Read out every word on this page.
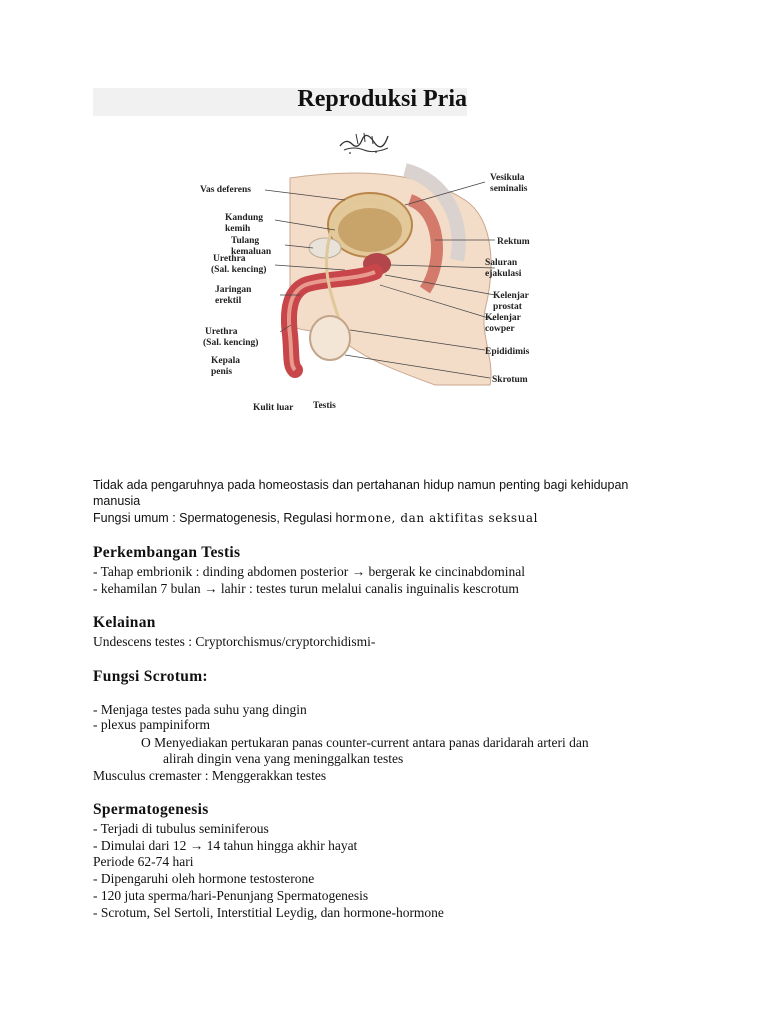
Reproduksi Pria
Vas deferens
Kandung
kemih
Tulang
kemaluan
Urethra
(Sal. kencing)
Jaringan
erektil
Urethra
(Sal. kencing)
Kepala
penis
Kulit luar Testis
Vesikula
seminalis
Rektum
Saluran
ejakulasi
Kelenjar
prostat
Kelenjar
cowper
Epididimis
Skrotum

Tidak ada pengaruhnya pada homeostasis dan pertahanan hidup namun penting bagi kehidupan

manusia

Fungsi umum : Spermatogenesis, Regulasi hormone, dan aktifitas seksual

Perkembangan Testis

- Tahap embrionik : dinding abdomen posterior → bergerak ke cincinabdominal

- kehamilan 7 bulan → lahir : testes turun melalui canalis inguinalis kescrotum

Kelainan

Undescens testes : Cryptorchismus/cryptorchidismi-

Fungsi Scrotum:

- Menjaga testes pada suhu yang dingin

- plexus pampiniform

O Menyediakan pertukaran panas counter-current antara panas daridarah arteri dan

alirah dingin vena yang meninggalkan testes

Musculus cremaster : Menggerakkan testes

Spermatogenesis

- Terjadi di tubulus seminiferous

- Dimulai dari 12 → 14 tahun hingga akhir hayat

Periode 62-74 hari

- Dipengaruhi oleh hormone testosterone

- 120 juta sperma/hari-Penunjang Spermatogenesis

- Scrotum, Sel Sertoli, Interstitial Leydig, dan hormone-hormone
